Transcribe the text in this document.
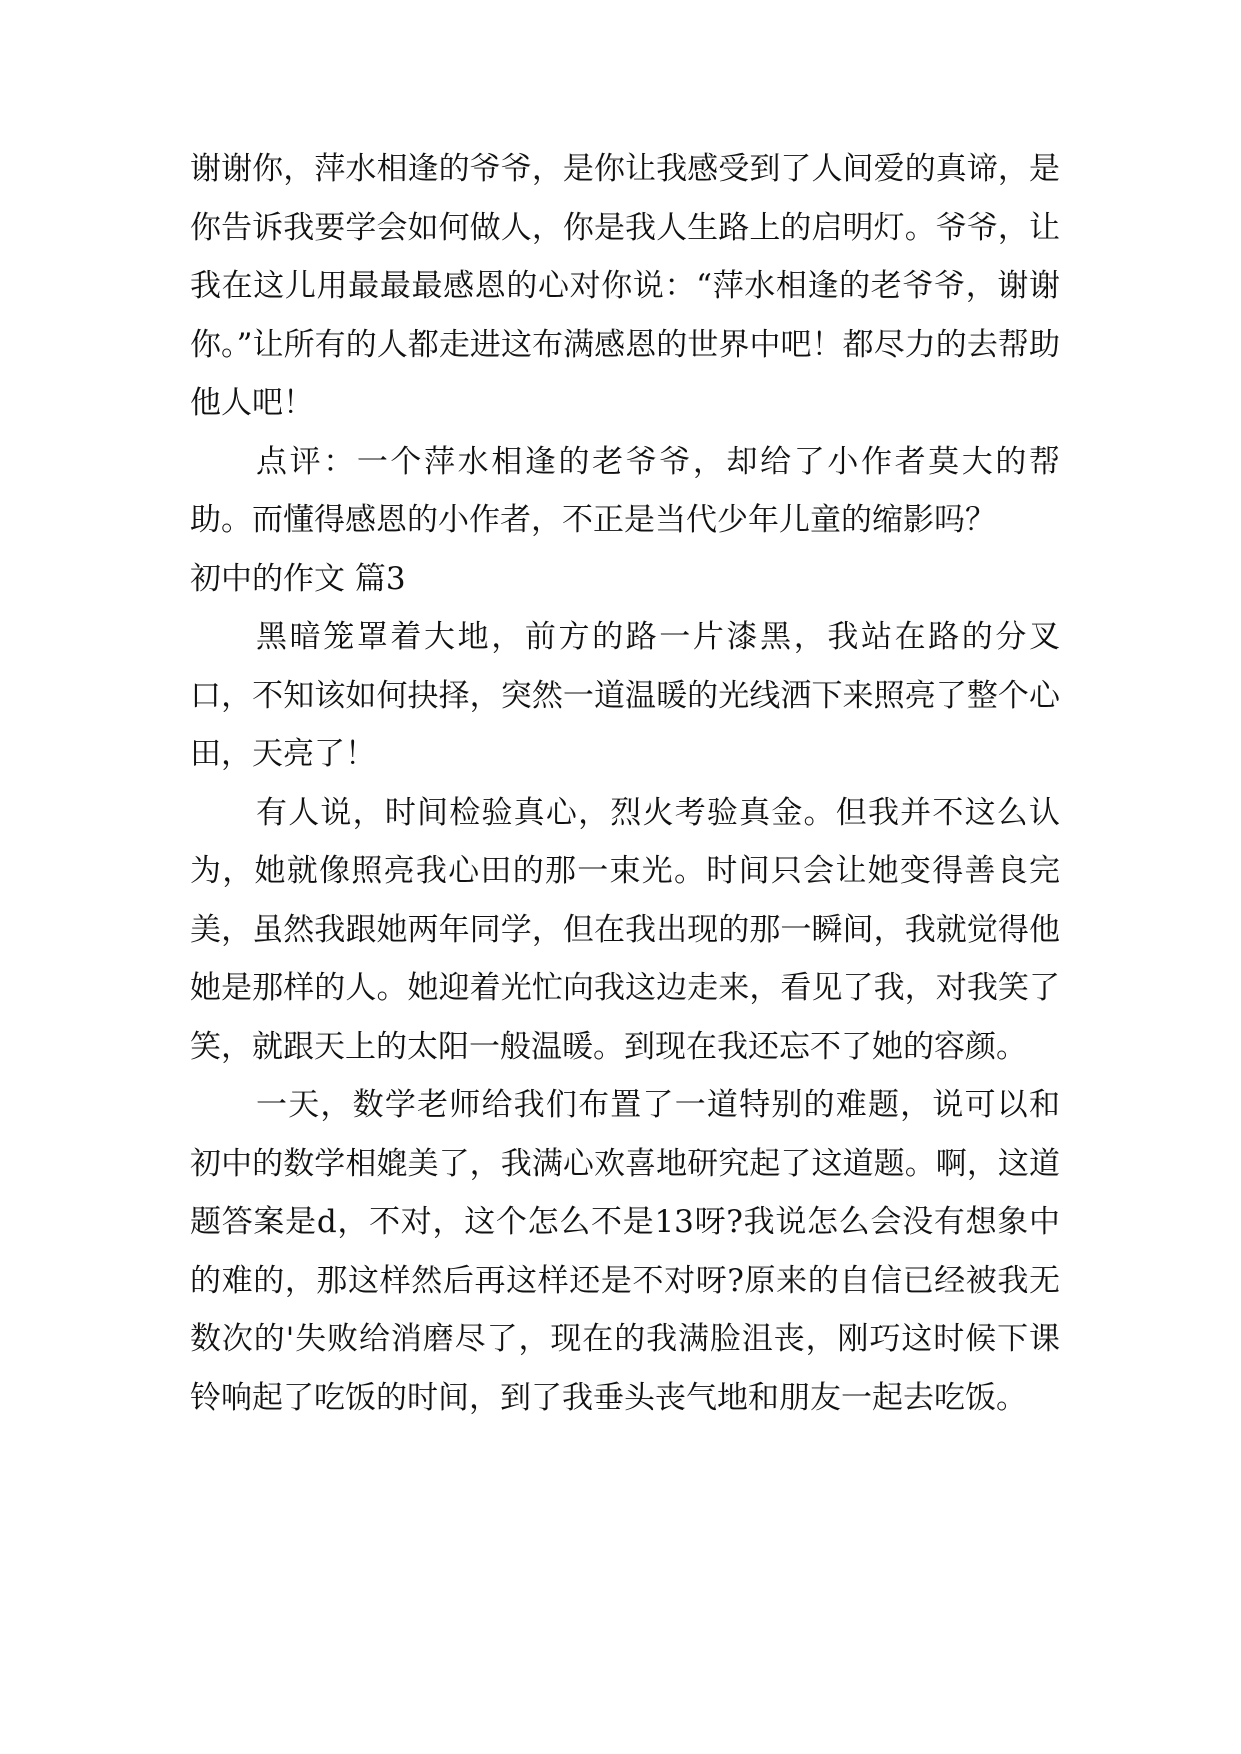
谢谢你，萍水相逢的爷爷，是你让我感受到了人间爱的真谛，是你告诉我要学会如何做人，你是我人生路上的启明灯。爷爷，让我在这儿用最最最感恩的心对你说：“萍水相逢的老爷爷，谢谢你。”让所有的人都走进这布满感恩的世界中吧！都尽力的去帮助他人吧！

点评：一个萍水相逢的老爷爷，却给了小作者莫大的帮助。而懂得感恩的小作者，不正是当代少年儿童的缩影吗？

初中的作文 篇3

黑暗笼罩着大地，前方的路一片漆黑，我站在路的分叉口，不知该如何抉择，突然一道温暖的光线洒下来照亮了整个心田，天亮了！

有人说，时间检验真心，烈火考验真金。但我并不这么认为，她就像照亮我心田的那一束光。时间只会让她变得善良完美，虽然我跟她两年同学，但在我出现的那一瞬间，我就觉得他她是那样的人。她迎着光忙向我这边走来，看见了我，对我笑了笑，就跟天上的太阳一般温暖。到现在我还忘不了她的容颜。

一天，数学老师给我们布置了一道特别的难题，说可以和初中的数学相媲美了，我满心欢喜地研究起了这道题。啊，这道题答案是d，不对，这个怎么不是13呀?我说怎么会没有想象中的难的，那这样然后再这样还是不对呀?原来的自信已经被我无数次的'失败给消磨尽了，现在的我满脸沮丧，刚巧这时候下课铃响起了吃饭的时间，到了我垂头丧气地和朋友一起去吃饭。
